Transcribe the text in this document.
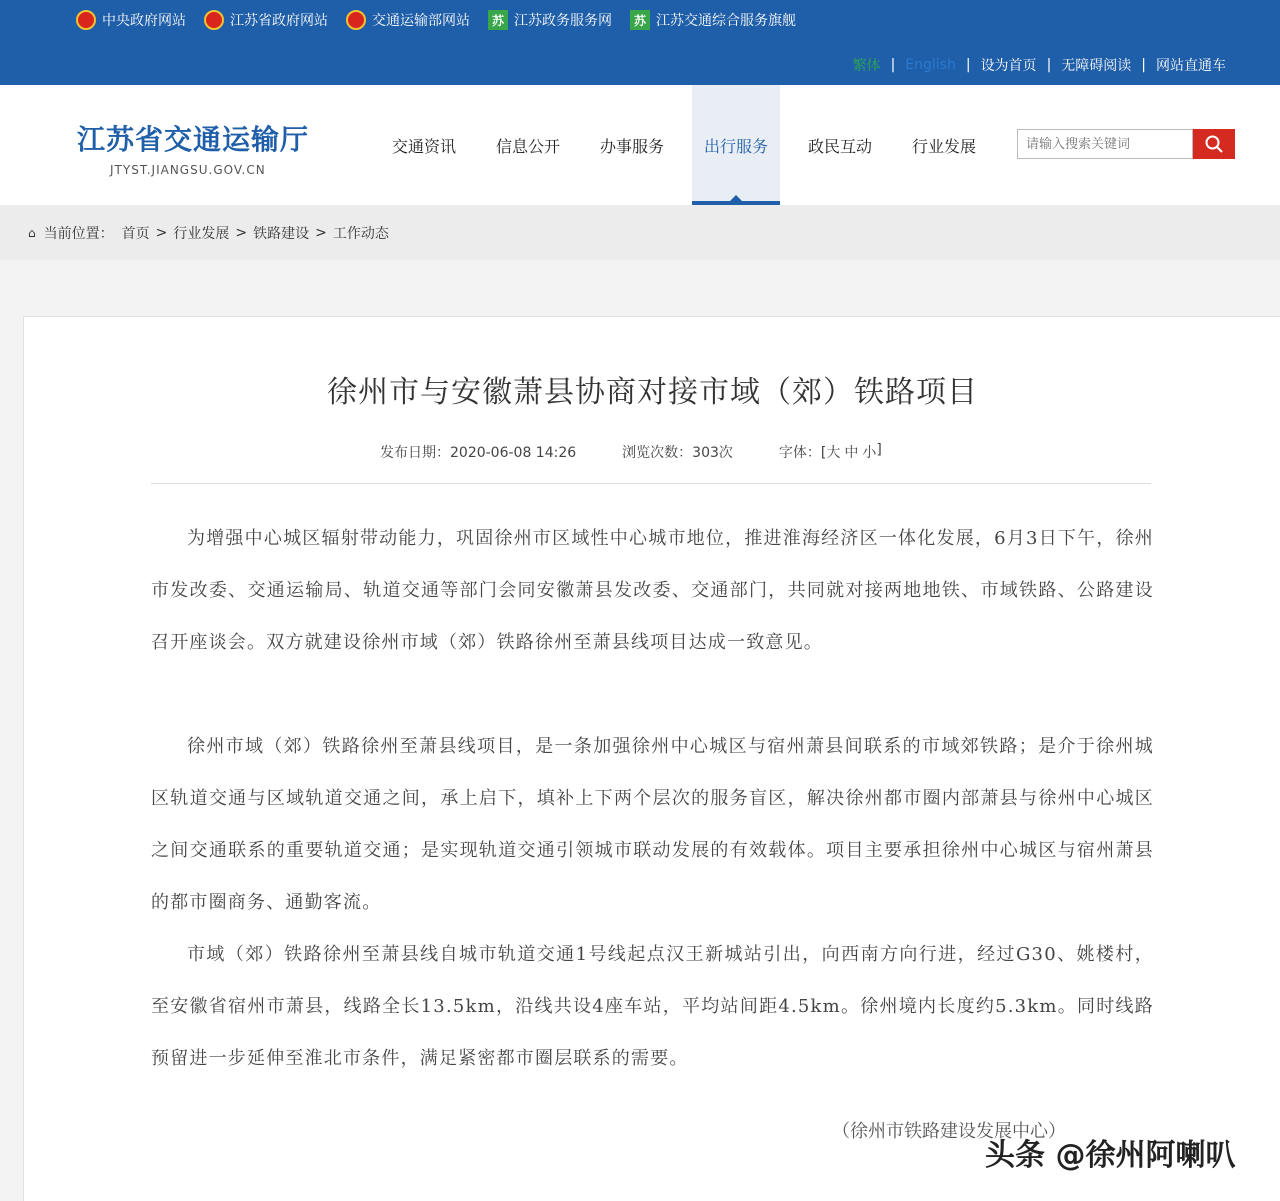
中央政府网站	江苏省政府网站	交通运输部网站	苏 江苏政务服务网	苏 江苏交通综合服务旗舰
繁体 | English | 设为首页 | 无障碍阅读 | 网站直通车
江苏省交通运输厅
JTYST.JIANGSU.GOV.CN
交通资讯	信息公开	办事服务	出行服务	政民互动	行业发展
请输入搜索关键词
⌂ 当前位置： 首页 > 行业发展 > 铁路建设 > 工作动态
徐州市与安徽萧县协商对接市域（郊）铁路项目
发布日期：2020-06-08 14:26	浏览次数：303次	字体：[ 大 中 小 ]
为增强中心城区辐射带动能力，巩固徐州市区域性中心城市地位，推进淮海经济区一体化发展，6月3日下午，徐州市发改委、交通运输局、轨道交通等部门会同安徽萧县发改委、交通部门，共同就对接两地地铁、市域铁路、公路建设召开座谈会。双方就建设徐州市域（郊）铁路徐州至萧县线项目达成一致意见。
徐州市域（郊）铁路徐州至萧县线项目，是一条加强徐州中心城区与宿州萧县间联系的市域郊铁路；是介于徐州城区轨道交通与区域轨道交通之间，承上启下，填补上下两个层次的服务盲区，解决徐州都市圈内部萧县与徐州中心城区之间交通联系的重要轨道交通；是实现轨道交通引领城市联动发展的有效载体。项目主要承担徐州中心城区与宿州萧县的都市圈商务、通勤客流。
市域（郊）铁路徐州至萧县线自城市轨道交通1号线起点汉王新城站引出，向西南方向行进，经过G30、姚楼村，至安徽省宿州市萧县，线路全长13.5km，沿线共设4座车站，平均站间距4.5km。徐州境内长度约5.3km。同时线路预留进一步延伸至淮北市条件，满足紧密都市圈层联系的需要。
（徐州市铁路建设发展中心）
头条 @徐州阿喇叭
